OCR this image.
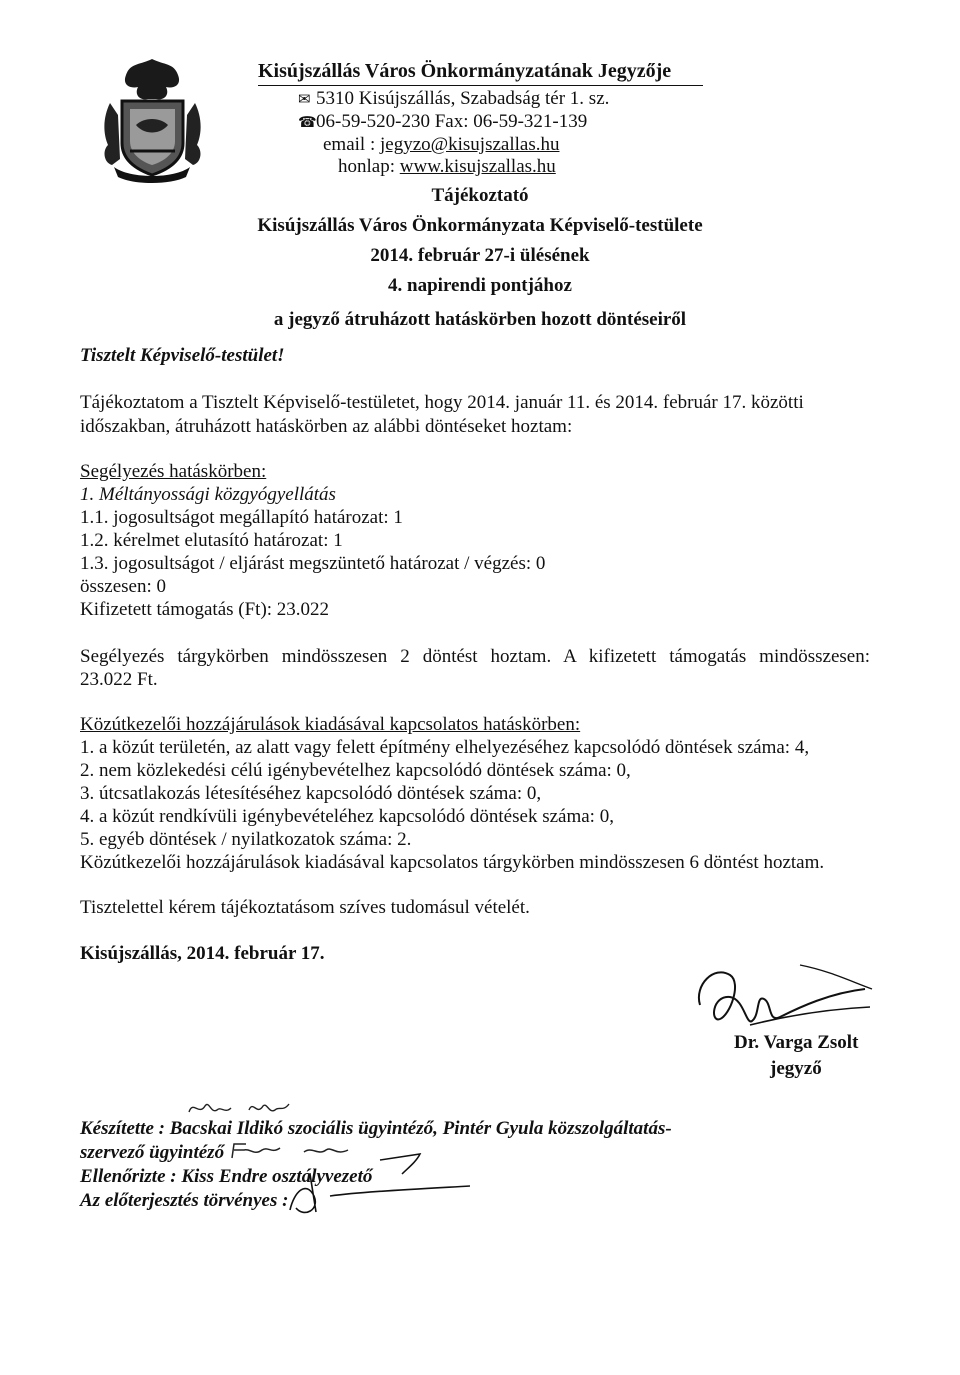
Kisújszállás Város Önkormányzatának Jegyzője
✉ 5310 Kisújszállás, Szabadság tér 1. sz.
☎06-59-520-230 Fax: 06-59-321-139
email : jegyzo@kisujszallas.hu
honlap: www.kisujszallas.hu
Tájékoztató
Kisújszállás Város Önkormányzata Képviselő-testülete
2014. február 27-i ülésének
4. napirendi pontjához
a jegyző átruházott hatáskörben hozott döntéseiről
Tisztelt Képviselő-testület!
Tájékoztatom a Tisztelt Képviselő-testületet, hogy 2014. január 11. és 2014. február 17. közötti
időszakban, átruházott hatáskörben az alábbi döntéseket hoztam:
Segélyezés hatáskörben:
1. Méltányossági közgyógyellátás
1.1. jogosultságot megállapító határozat: 1
1.2. kérelmet elutasító határozat: 1
1.3. jogosultságot / eljárást megszüntető határozat / végzés: 0
összesen: 0
Kifizetett támogatás (Ft): 23.022
Segélyezés tárgykörben mindösszesen 2 döntést hoztam. A kifizetett támogatás mindösszesen:
23.022 Ft.
Közútkezelői hozzájárulások kiadásával kapcsolatos hatáskörben:
1. a közút területén, az alatt vagy felett építmény elhelyezéséhez kapcsolódó döntések száma: 4,
2. nem közlekedési célú igénybevételhez kapcsolódó döntések száma: 0,
3. útcsatlakozás létesítéséhez kapcsolódó döntések száma: 0,
4. a közút rendkívüli igénybevételéhez kapcsolódó döntések száma: 0,
5. egyéb döntések / nyilatkozatok száma: 2.
Közútkezelői hozzájárulások kiadásával kapcsolatos tárgykörben mindösszesen 6 döntést hoztam.
Tisztelettel kérem tájékoztatásom szíves tudomásul vételét.
Kisújszállás, 2014. február 17.
Dr. Varga Zsolt
jegyző
Készítette : Bacskai Ildikó szociális ügyintéző, Pintér Gyula közszolgáltatás-
szervező ügyintéző
Ellenőrizte : Kiss Endre osztályvezető
Az előterjesztés törvényes :
